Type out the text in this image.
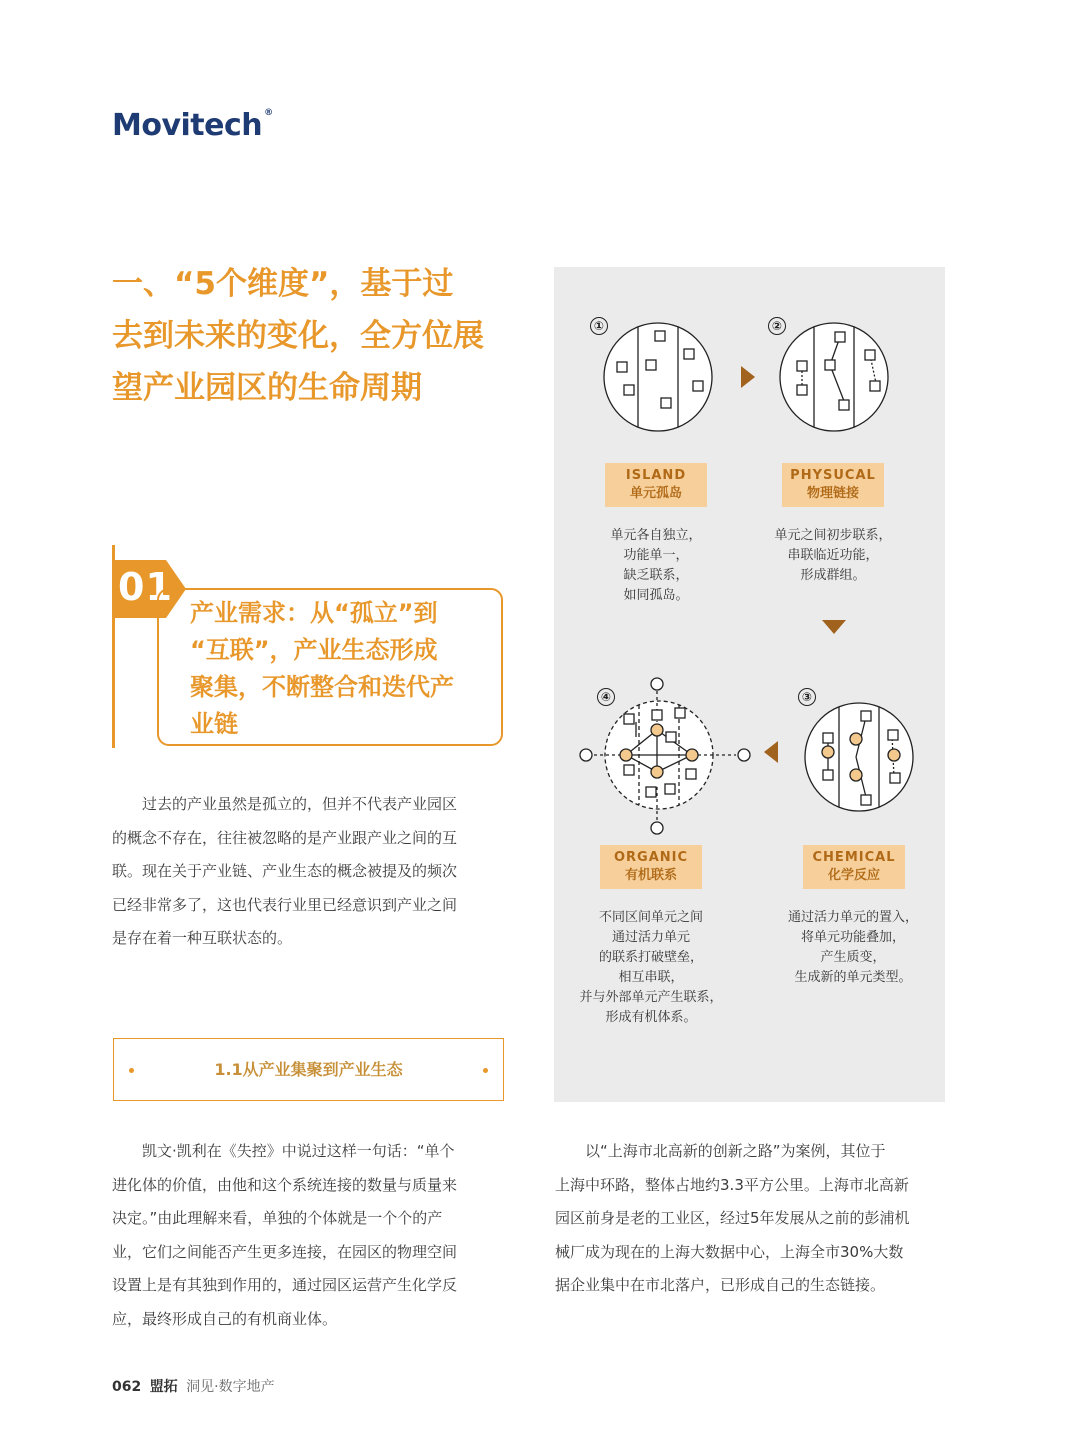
Movitech ®
一、“5个维度”，基于过
去到未来的变化，全方位展
望产业园区的生命周期
01
产业需求：从“孤立”到
“互联”，产业生态形成
聚集，不断整合和迭代产
业链
过去的产业虽然是孤立的，但并不代表产业园区
的概念不存在，往往被忽略的是产业跟产业之间的互
联。现在关于产业链、产业生态的概念被提及的频次
已经非常多了，这也代表行业里已经意识到产业之间
是存在着一种互联状态的。
1.1从产业集聚到产业生态
凯文·凯利在《失控》中说过这样一句话：“单个
进化体的价值，由他和这个系统连接的数量与质量来
决定。”由此理解来看，单独的个体就是一个个的产
业，它们之间能否产生更多连接，在园区的物理空间
设置上是有其独到作用的，通过园区运营产生化学反
应，最终形成自己的有机商业体。
以“上海市北高新的创新之路”为案例，其位于
上海中环路，整体占地约3.3平方公里。上海市北高新
园区前身是老的工业区，经过5年发展从之前的彭浦机
械厂成为现在的上海大数据中心，上海全市30%大数
据企业集中在市北落户，已形成自己的生态链接。
①	②
③
④
ISLAND
单元孤岛
PHYSUCAL
物理链接
CHEMICAL
化学反应
ORGANIC
有机联系
单元各自独立，
功能单一，
缺乏联系，
如同孤岛。
单元之间初步联系，
串联临近功能，
形成群组。
通过活力单元的置入，
将单元功能叠加，
产生质变，
生成新的单元类型。
不同区间单元之间
通过活力单元
的联系打破壁垒，
相互串联，
并与外部单元产生联系，
形成有机体系。
062 盟拓 洞见·数字地产
